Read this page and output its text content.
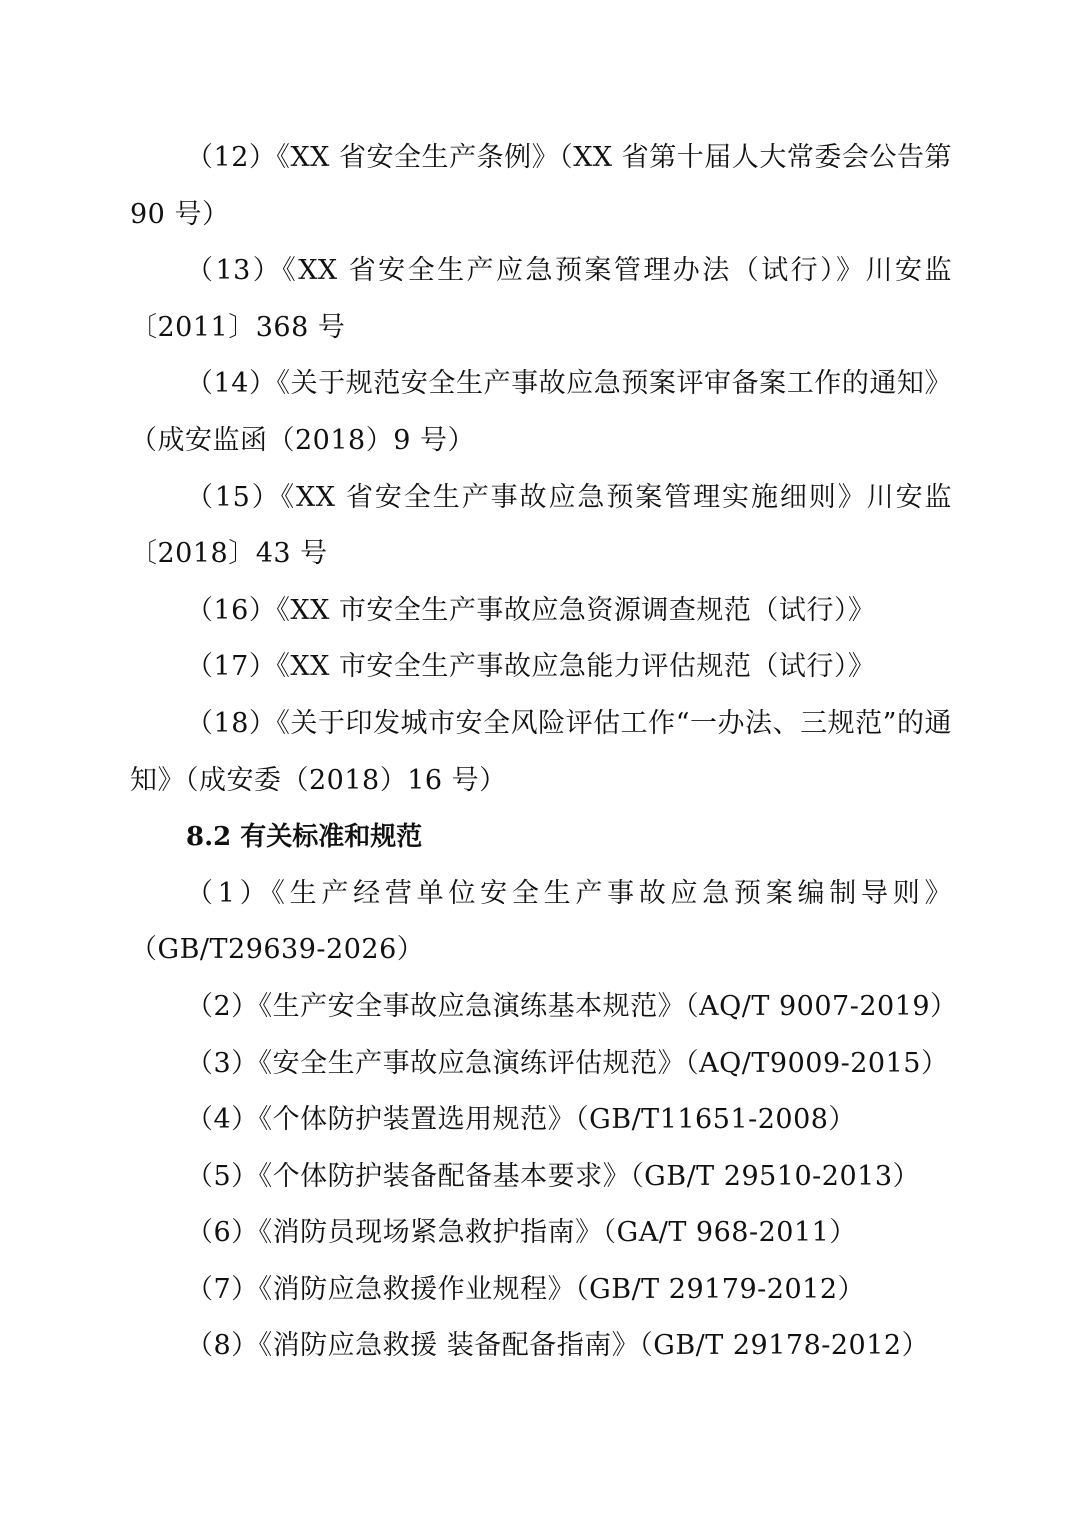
（12）《XX 省安全生产条例》（XX 省第十届人大常委会公告第 90 号）

（13）《XX 省安全生产应急预案管理办法（试行）》川安监〔2011〕368 号

（14）《关于规范安全生产事故应急预案评审备案工作的通知》（成安监函（2018）9 号）

（15）《XX 省安全生产事故应急预案管理实施细则》川安监〔2018〕43 号

（16）《XX 市安全生产事故应急资源调查规范（试行）》

（17）《XX 市安全生产事故应急能力评估规范（试行）》

（18）《关于印发城市安全风险评估工作“一办法、三规范”的通知》（成安委（2018）16 号）

8.2 有关标准和规范

（1）《生产经营单位安全生产事故应急预案编制导则》（GB/T29639-2026）

（2）《生产安全事故应急演练基本规范》（AQ/T 9007-2019）

（3）《安全生产事故应急演练评估规范》（AQ/T9009-2015）

（4）《个体防护装置选用规范》（GB/T11651-2008）

（5）《个体防护装备配备基本要求》（GB/T 29510-2013）

（6）《消防员现场紧急救护指南》（GA/T 968-2011）

（7）《消防应急救援作业规程》（GB/T 29179-2012）

（8）《消防应急救援 装备配备指南》（GB/T 29178-2012）
